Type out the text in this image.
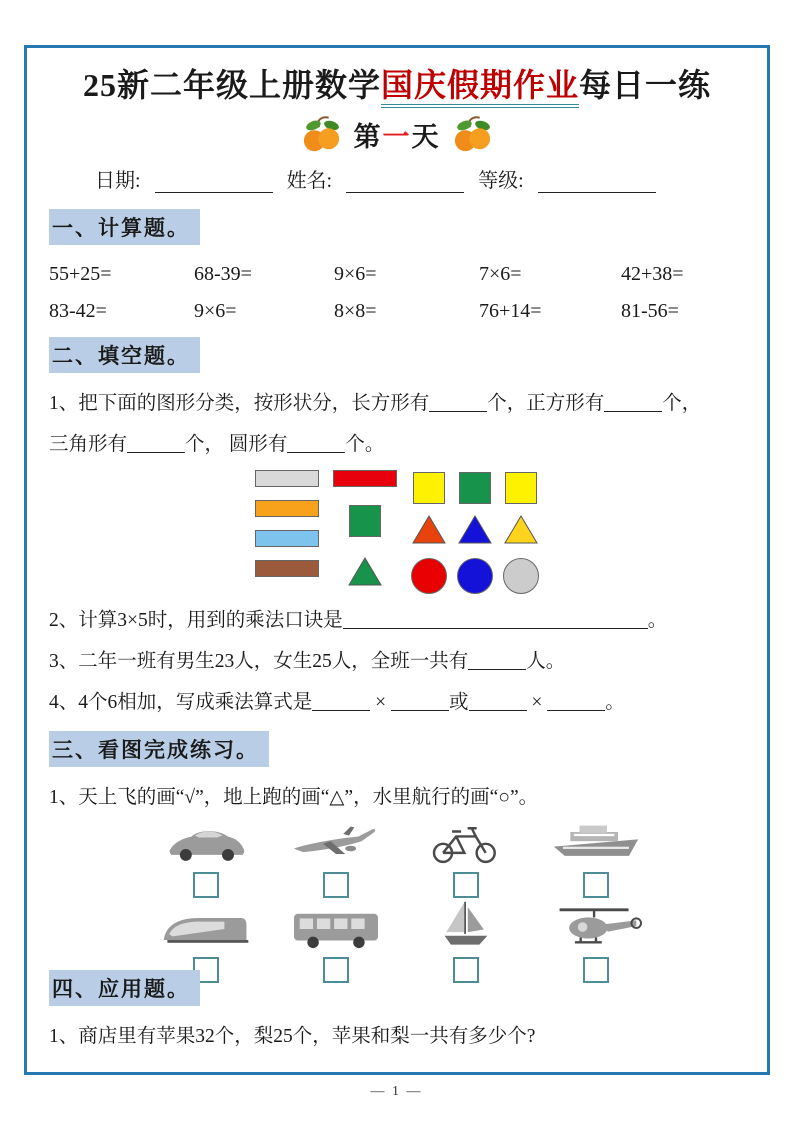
25新二年级上册数学国庆假期作业每日一练
第一天
日期:	姓名:	等级:
一、计算题。
55+25=	68-39=	9×6=	7×6=	42+38=
83-42=	9×6=	8×8=	76+14=	81-56=
二、填空题。

1、把下面的图形分类，按形状分，长方形有	个，正方形有	个，

三角形有	个， 圆形有	个。

2、计算3×5时，用到的乘法口诀是	。

3、二年一班有男生23人，女生25人，全班一共有	人。

4、4个6相加，写成乘法算式是	×	或	×	。

三、看图完成练习。

1、天上飞的画“√”，地上跑的画“△”，水里航行的画“○”。

四、应用题。

1、商店里有苹果32个，梨25个，苹果和梨一共有多少个?

— 1 —
